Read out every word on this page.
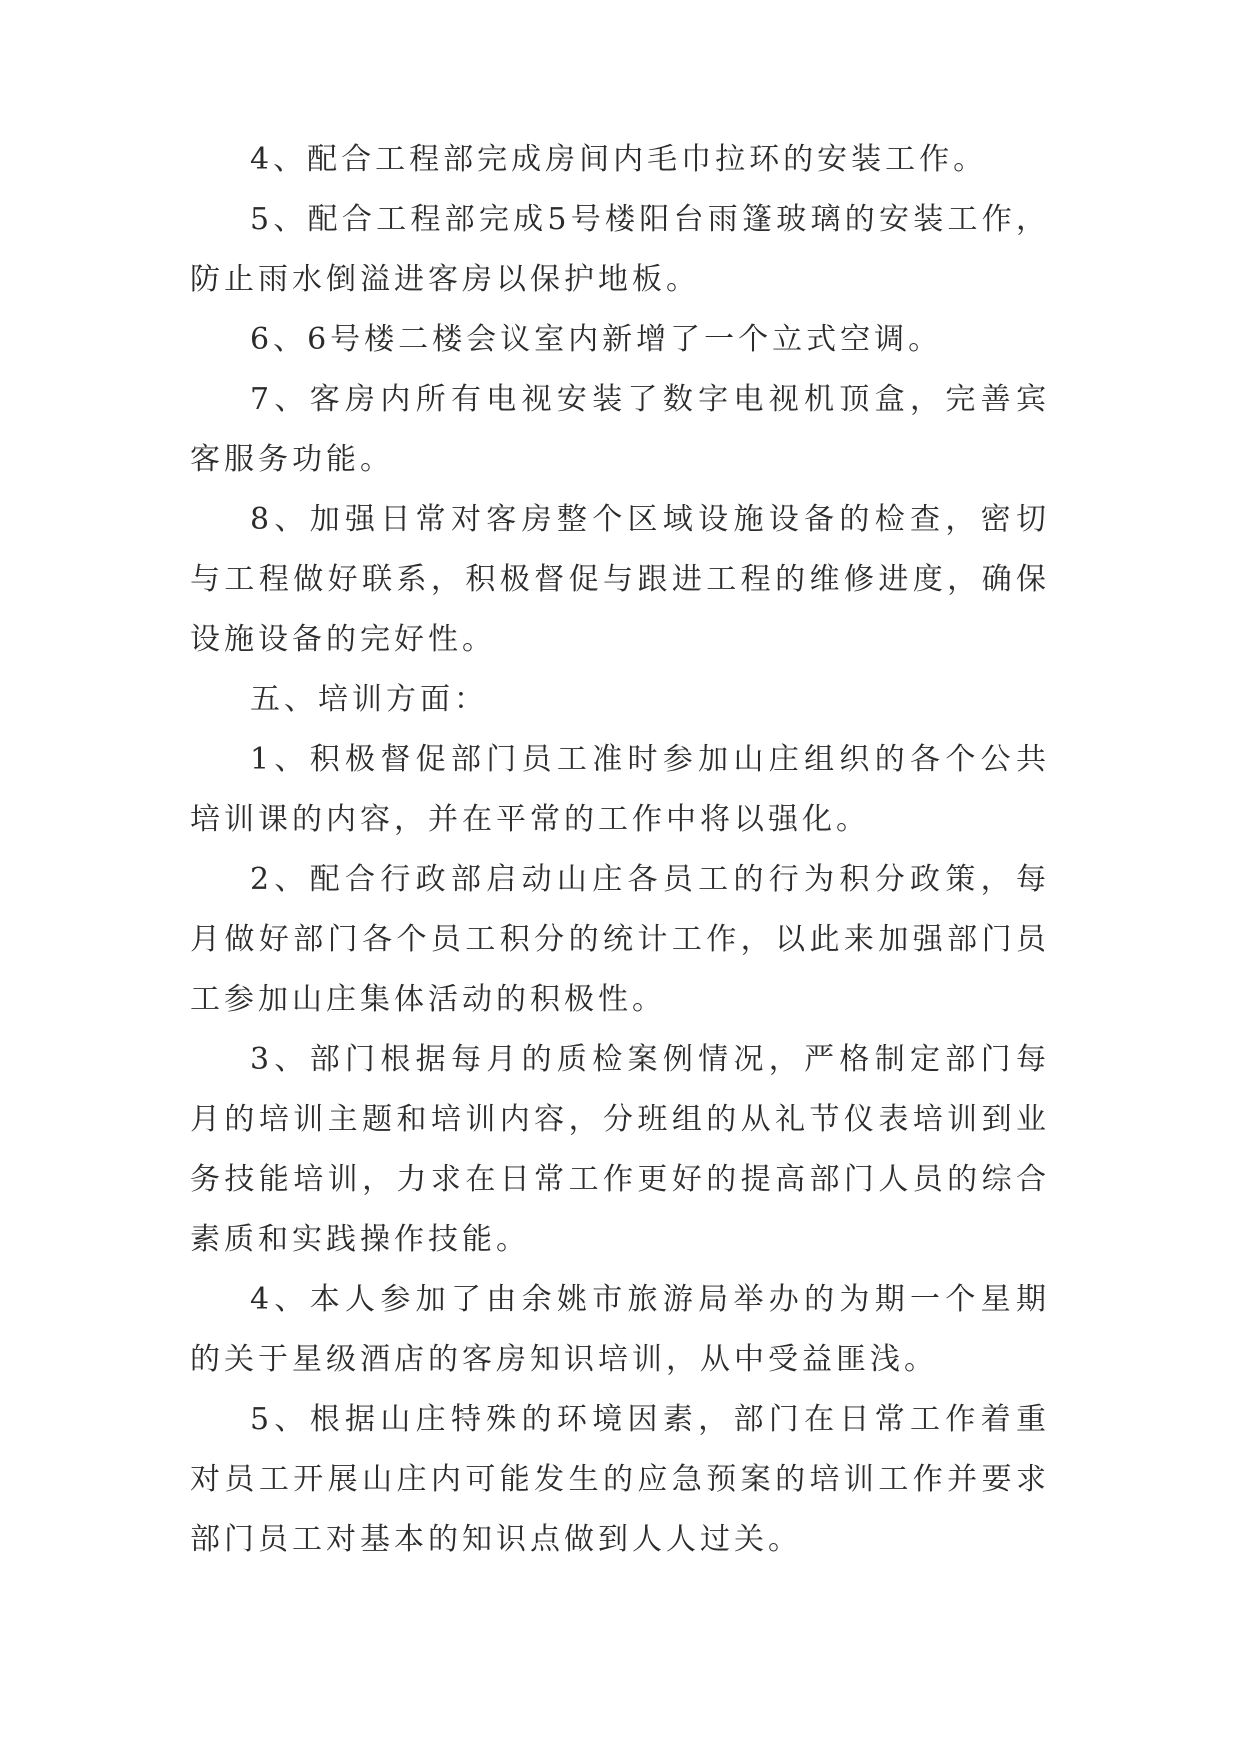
4、配合工程部完成房间内毛巾拉环的安装工作。

5、配合工程部完成5号楼阳台雨篷玻璃的安装工作，防止雨水倒溢进客房以保护地板。

6、6号楼二楼会议室内新增了一个立式空调。

7、客房内所有电视安装了数字电视机顶盒，完善宾客服务功能。

8、加强日常对客房整个区域设施设备的检查，密切与工程做好联系，积极督促与跟进工程的维修进度，确保设施设备的完好性。

五、培训方面：

1、积极督促部门员工准时参加山庄组织的各个公共培训课的内容，并在平常的工作中将以强化。

2、配合行政部启动山庄各员工的行为积分政策，每月做好部门各个员工积分的统计工作，以此来加强部门员工参加山庄集体活动的积极性。

3、部门根据每月的质检案例情况，严格制定部门每月的培训主题和培训内容，分班组的从礼节仪表培训到业务技能培训，力求在日常工作更好的提高部门人员的综合素质和实践操作技能。

4、本人参加了由余姚市旅游局举办的为期一个星期的关于星级酒店的客房知识培训，从中受益匪浅。

5、根据山庄特殊的环境因素，部门在日常工作着重对员工开展山庄内可能发生的应急预案的培训工作并要求部门员工对基本的知识点做到人人过关。
